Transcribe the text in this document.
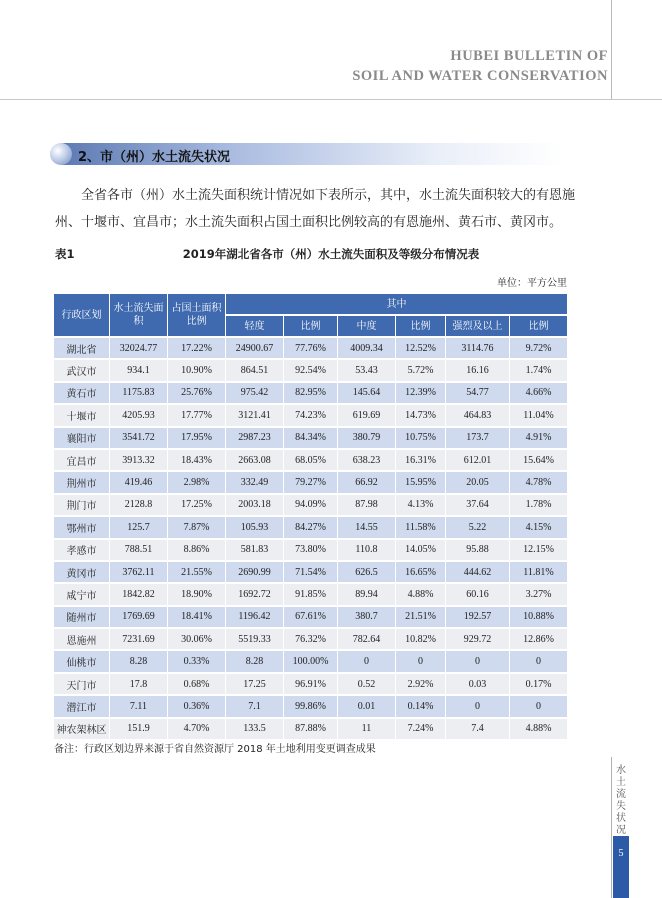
HUBEI BULLETIN OF
SOIL AND WATER CONSERVATION
2、市（州）水土流失状况
全省各市（州）水土流失面积统计情况如下表所示，其中，水土流失面积较大的有恩施州、十堰市、宜昌市；水土流失面积占国土面积比例较高的有恩施州、黄石市、黄冈市。
2019年湖北省各市（州）水土流失面积及等级分布情况表
表1
单位：平方公里
行政区划	水土流失面积	占国土面积比例	其中					
			轻度	比例	中度	比例	强烈及以上	比例
湖北省	32024.77	17.22%	24900.67	77.76%	4009.34	12.52%	3114.76	9.72%
武汉市	934.1	10.90%	864.51	92.54%	53.43	5.72%	16.16	1.74%
黄石市	1175.83	25.76%	975.42	82.95%	145.64	12.39%	54.77	4.66%
十堰市	4205.93	17.77%	3121.41	74.23%	619.69	14.73%	464.83	11.04%
襄阳市	3541.72	17.95%	2987.23	84.34%	380.79	10.75%	173.7	4.91%
宜昌市	3913.32	18.43%	2663.08	68.05%	638.23	16.31%	612.01	15.64%
荆州市	419.46	2.98%	332.49	79.27%	66.92	15.95%	20.05	4.78%
荆门市	2128.8	17.25%	2003.18	94.09%	87.98	4.13%	37.64	1.78%
鄂州市	125.7	7.87%	105.93	84.27%	14.55	11.58%	5.22	4.15%
孝感市	788.51	8.86%	581.83	73.80%	110.8	14.05%	95.88	12.15%
黄冈市	3762.11	21.55%	2690.99	71.54%	626.5	16.65%	444.62	11.81%
咸宁市	1842.82	18.90%	1692.72	91.85%	89.94	4.88%	60.16	3.27%
随州市	1769.69	18.41%	1196.42	67.61%	380.7	21.51%	192.57	10.88%
恩施州	7231.69	30.06%	5519.33	76.32%	782.64	10.82%	929.72	12.86%
仙桃市	8.28	0.33%	8.28	100.00%	0	0	0	0
天门市	17.8	0.68%	17.25	96.91%	0.52	2.92%	0.03	0.17%
潜江市	7.11	0.36%	7.1	99.86%	0.01	0.14%	0	0
神农架林区	151.9	4.70%	133.5	87.88%	11	7.24%	7.4	4.88%
备注：行政区划边界来源于省自然资源厅 2018 年土地利用变更调查成果
水土流失状况
5
